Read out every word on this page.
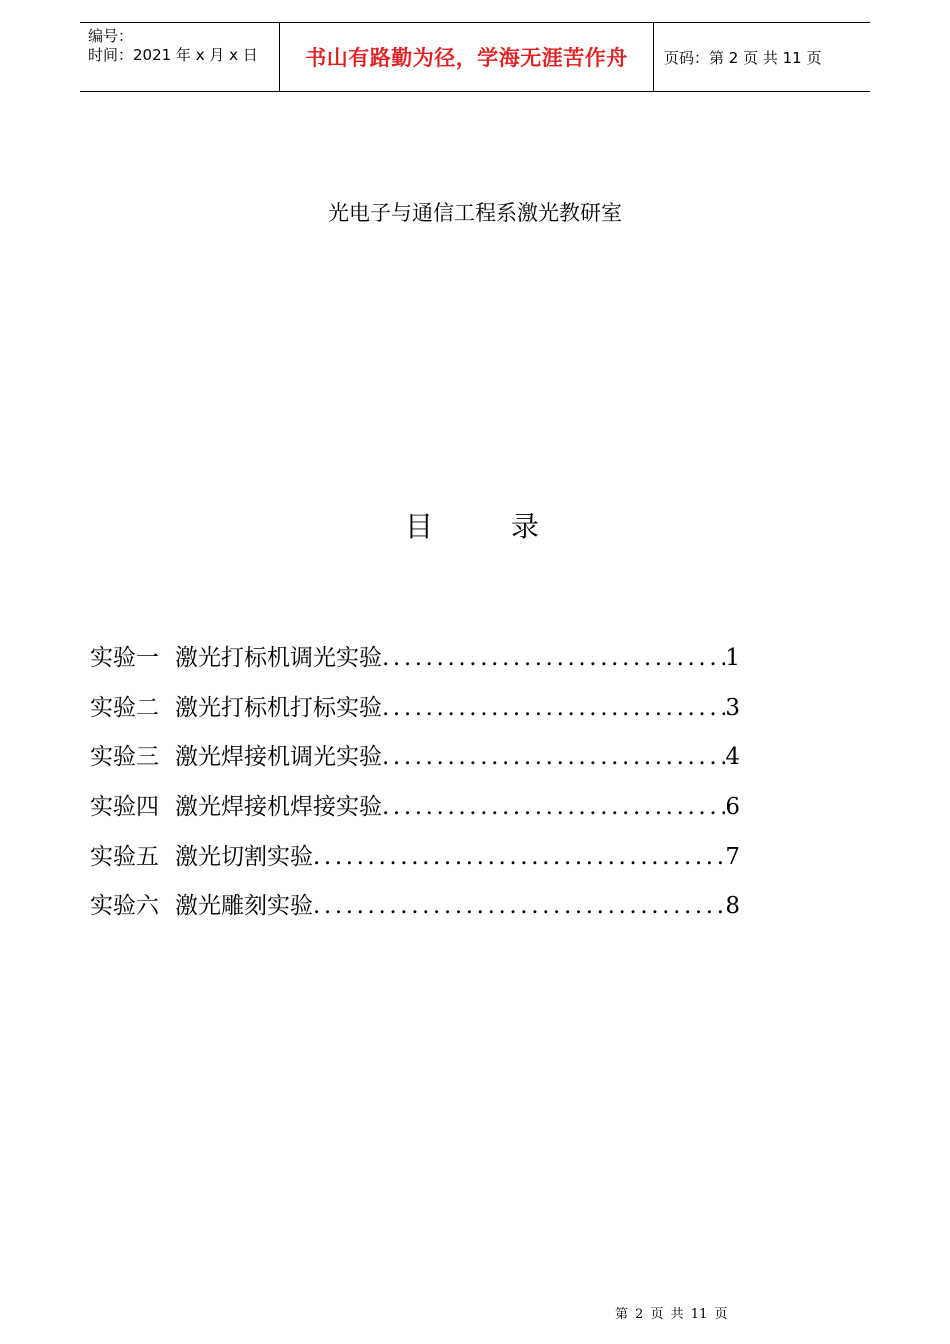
编号：
时间：2021 年 x 月 x 日	书山有路勤为径，学海无涯苦作舟 页码：第 2 页 共 11 页
光电子与通信工程系激光教研室
目	录
实验一 激光打标机调光实验 .....	1
实验二 激光打标机打标实验 .....	3
实验三 激光焊接机调光实验 .....	4
实验四 激光焊接机焊接实验 .....	6
实验五 激光切割实验 .....	7
实验六 激光雕刻实验 .....	8
第 2 页 共 11 页
